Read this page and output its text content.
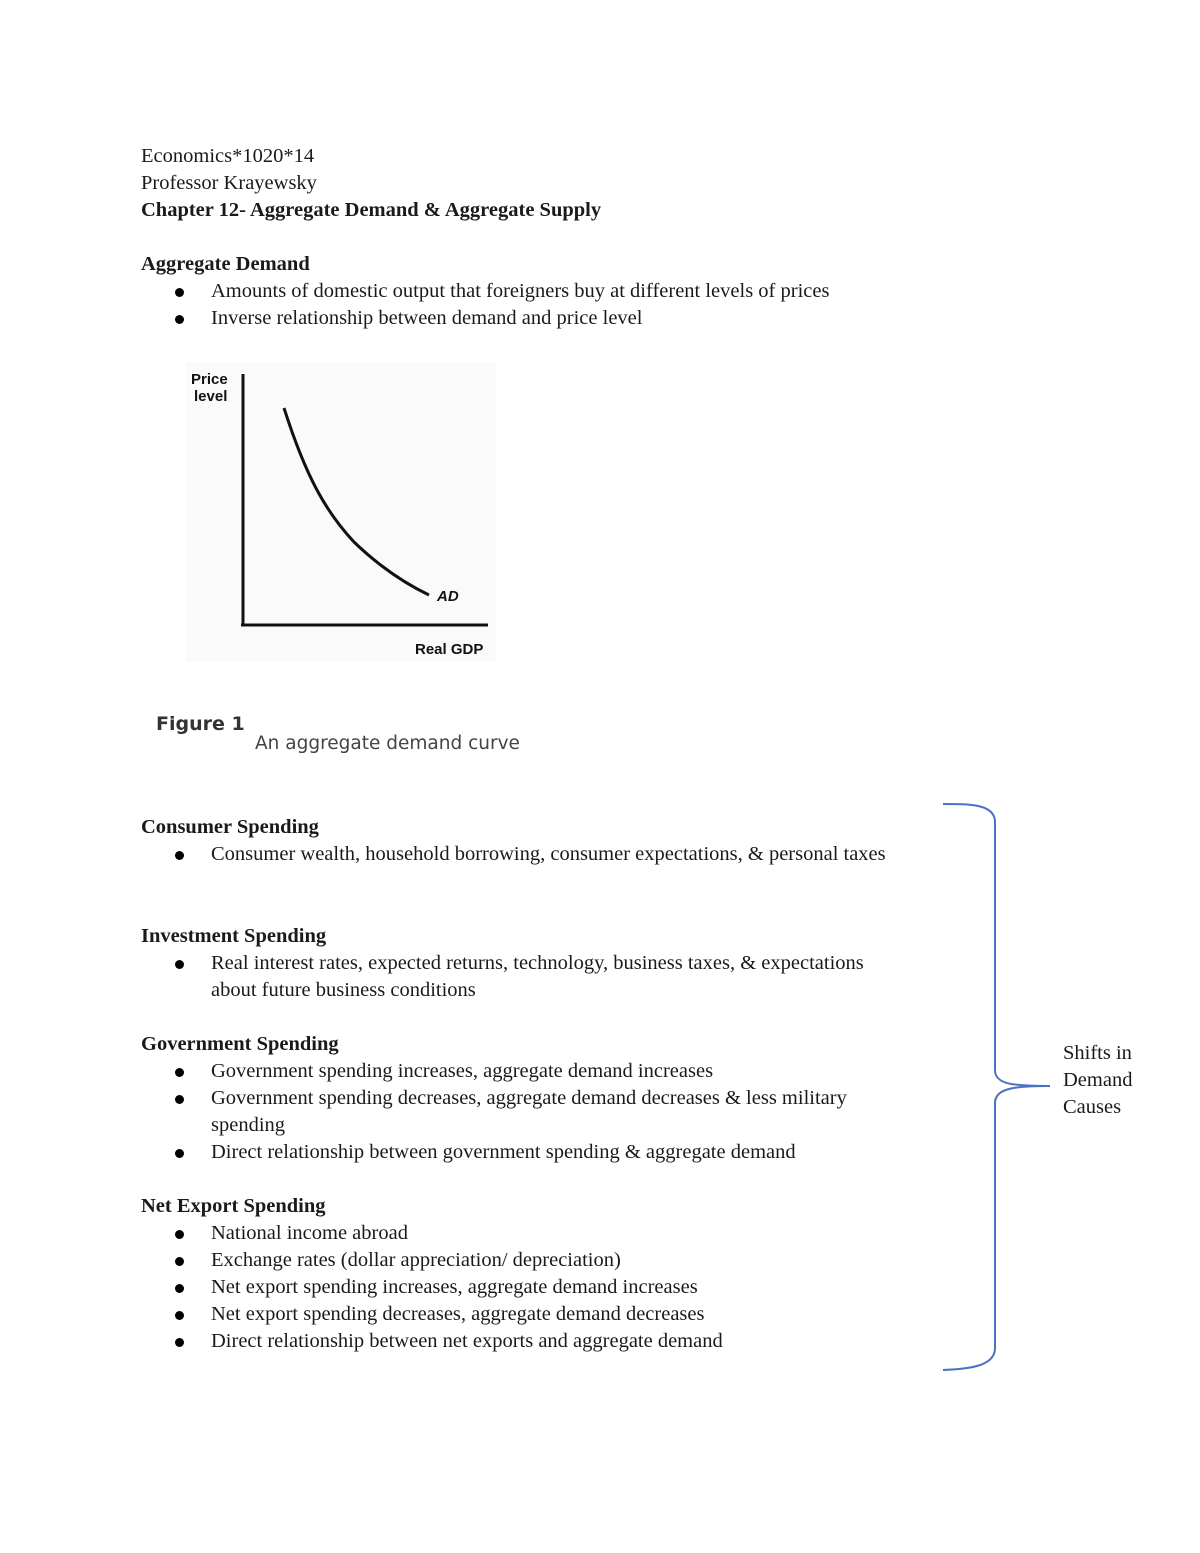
Economics*1020*14
Professor Krayewsky
Chapter 12- Aggregate Demand & Aggregate Supply
Aggregate Demand
Amounts of domestic output that foreigners buy at different levels of prices
Inverse relationship between demand and price level
Price
level
AD
Real GDP
Figure 1
An aggregate demand curve
Consumer Spending
Consumer wealth, household borrowing, consumer expectations, & personal taxes
Investment Spending
Real interest rates, expected returns, technology, business taxes, & expectations about future business conditions
Government Spending
Government spending increases, aggregate demand increases
Government spending decreases, aggregate demand decreases & less military spending
Direct relationship between government spending & aggregate demand
Net Export Spending
National income abroad
Exchange rates (dollar appreciation/ depreciation)
Net export spending increases, aggregate demand increases
Net export spending decreases, aggregate demand decreases
Direct relationship between net exports and aggregate demand
Shifts in
Demand
Causes
